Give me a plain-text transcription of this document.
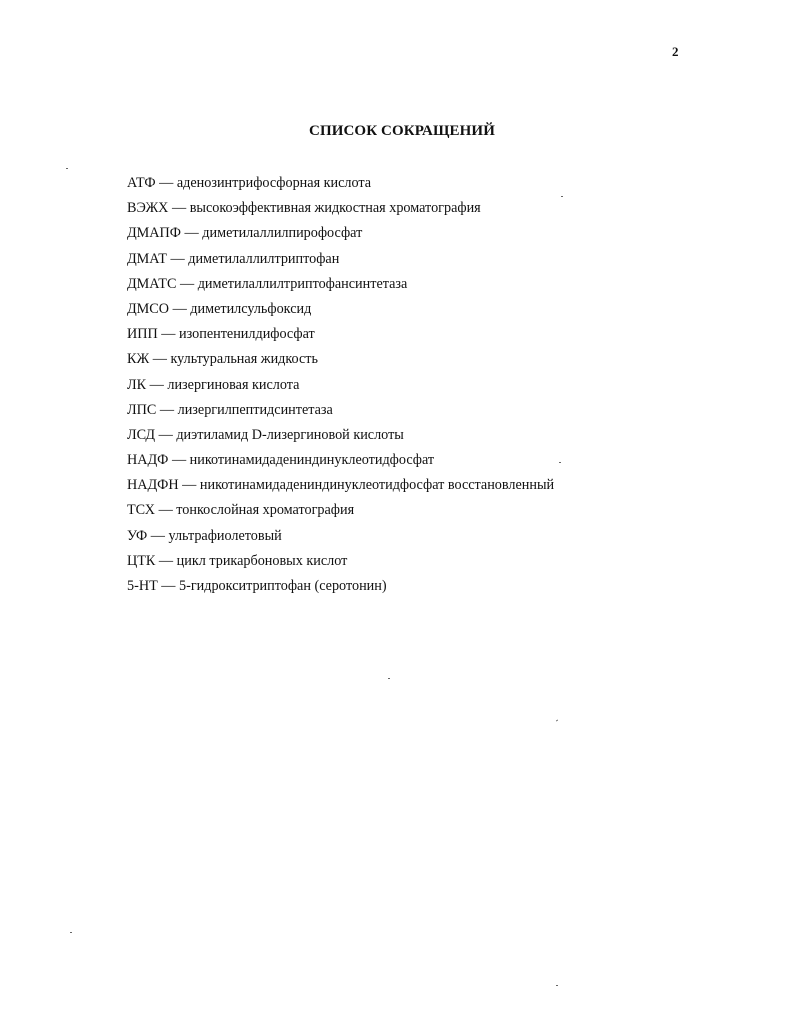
2
СПИСОК СОКРАЩЕНИЙ
АТФ — аденозинтрифосфорная кислота
ВЭЖХ — высокоэффективная жидкостная хроматография
ДМАПФ — диметилаллилпирофосфат
ДМАТ — диметилаллилтриптофан
ДМАТС — диметилаллилтриптофансинтетаза
ДМСО — диметилсульфоксид
ИПП — изопентенилдифосфат
КЖ — культуральная жидкость
ЛК — лизергиновая кислота
ЛПС — лизергилпептидсинтетаза
ЛСД — диэтиламид D-лизергиновой кислоты
НАДФ — никотинамидадениндинуклеотидфосфат
НАДФН — никотинамидадениндинуклеотидфосфат восстановленный
ТСХ — тонкослойная хроматография
УФ — ультрафиолетовый
ЦТК — цикл трикарбоновых кислот
5-НТ — 5-гидрокситриптофан (серотонин)
